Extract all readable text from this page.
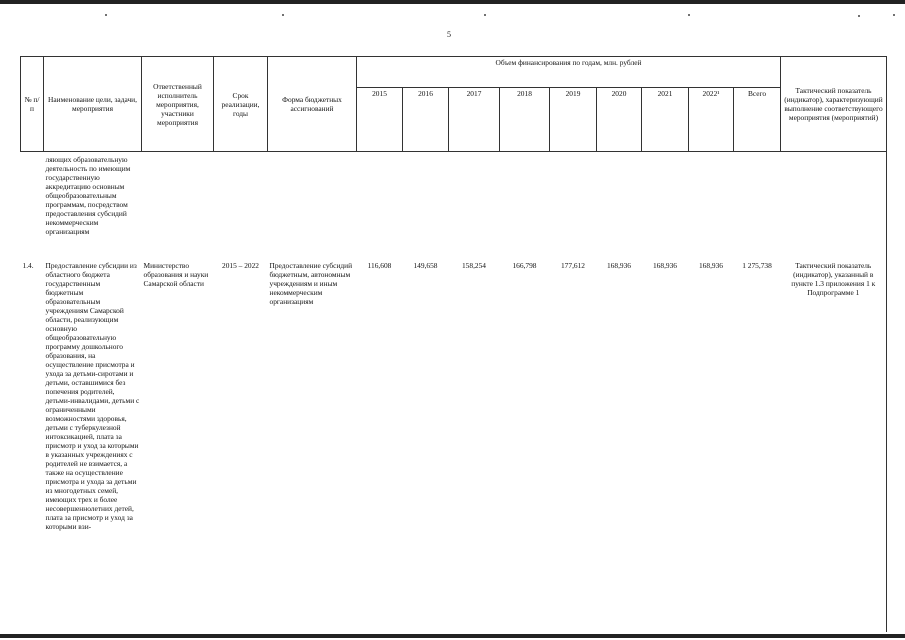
5
№ п/п	Наименование цели, задачи, мероприятия	Ответственный исполнитель мероприятия, участники мероприятия	Срок реализации, годы	Форма бюджетных ассигнований	Объем финансирования по годам, млн. рублей									Тактический показатель (индикатор), характеризующий выполнение соответствующего мероприятия (мероприятий)
					2015	2016	2017	2018	2019	2020	2021	2022¹	Всего	
	ляющих образовательную деятельность по имеющим государственную аккредитацию основным общеобразовательным программам, посредством предоставления субсидий некоммерческим организациям													
1.4.	Предоставление субсидии из областного бюджета государственным бюджетным образовательным учреждениям Самарской области, реализующим основную общеобразовательную программу дошкольного образования, на осуществление присмотра и ухода за детьми-сиротами и детьми, оставшимися без попечения родителей, детьми-инвалидами, детьми с ограниченными возможностями здоровья, детьми с туберкулезной интоксикацией, плата за присмотр и уход за которыми в указанных учреждениях с родителей не взимается, а также на осуществление присмотра и ухода за детьми из многодетных семей, имеющих трех и более несовершеннолетних детей, плата за присмотр и уход за которыми взи-	Министерство образования и науки Самарской области	2015 – 2022	Предоставление субсидий бюджетным, автономным учреждениям и иным некоммерческим организациям	116,608	149,658	158,254	166,798	177,612	168,936	168,936	168,936	1 275,738	Тактический показатель (индикатор), указанный в пункте 1.3 приложения 1 к Подпрограмме 1
